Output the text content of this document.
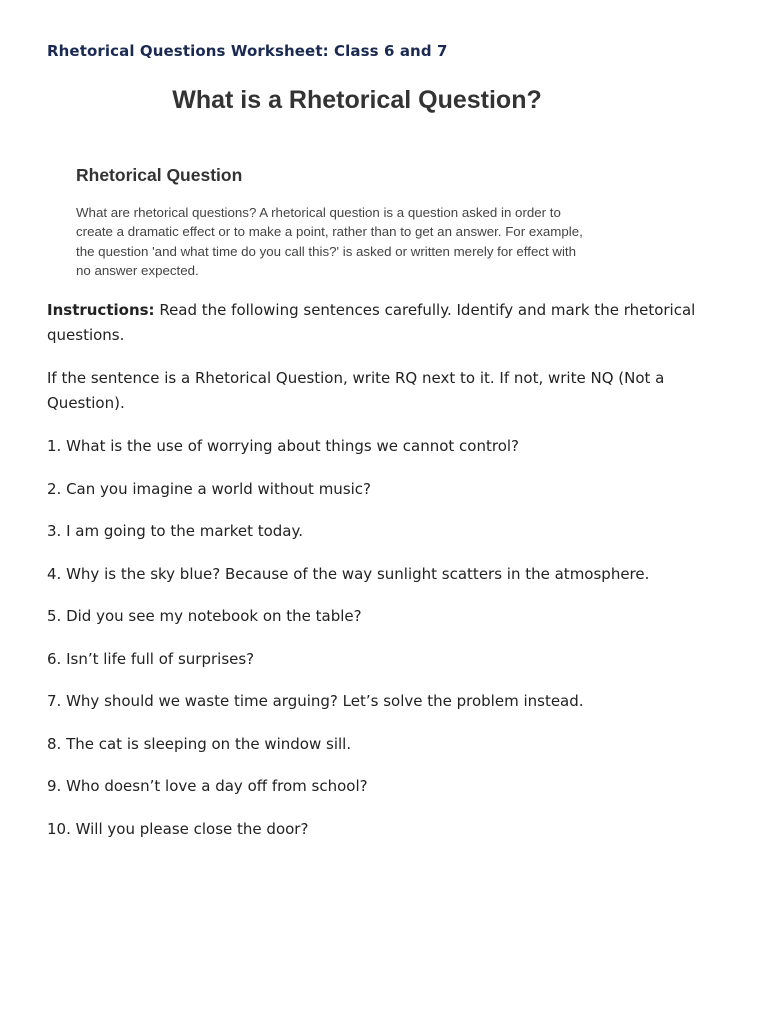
Rhetorical Questions Worksheet: Class 6 and 7
What is a Rhetorical Question?
Rhetorical Question
What are rhetorical questions? A rhetorical question is a question asked in order to
create a dramatic effect or to make a point, rather than to get an answer. For example,
the question 'and what time do you call this?' is asked or written merely for effect with
no answer expected.

Instructions: Read the following sentences carefully. Identify and mark the rhetorical questions.

If the sentence is a Rhetorical Question, write RQ next to it. If not, write NQ (Not a Question).

1. What is the use of worrying about things we cannot control?

2. Can you imagine a world without music?

3. I am going to the market today.

4. Why is the sky blue? Because of the way sunlight scatters in the atmosphere.

5. Did you see my notebook on the table?

6. Isn’t life full of surprises?

7. Why should we waste time arguing? Let’s solve the problem instead.

8. The cat is sleeping on the window sill.

9. Who doesn’t love a day off from school?

10. Will you please close the door?
